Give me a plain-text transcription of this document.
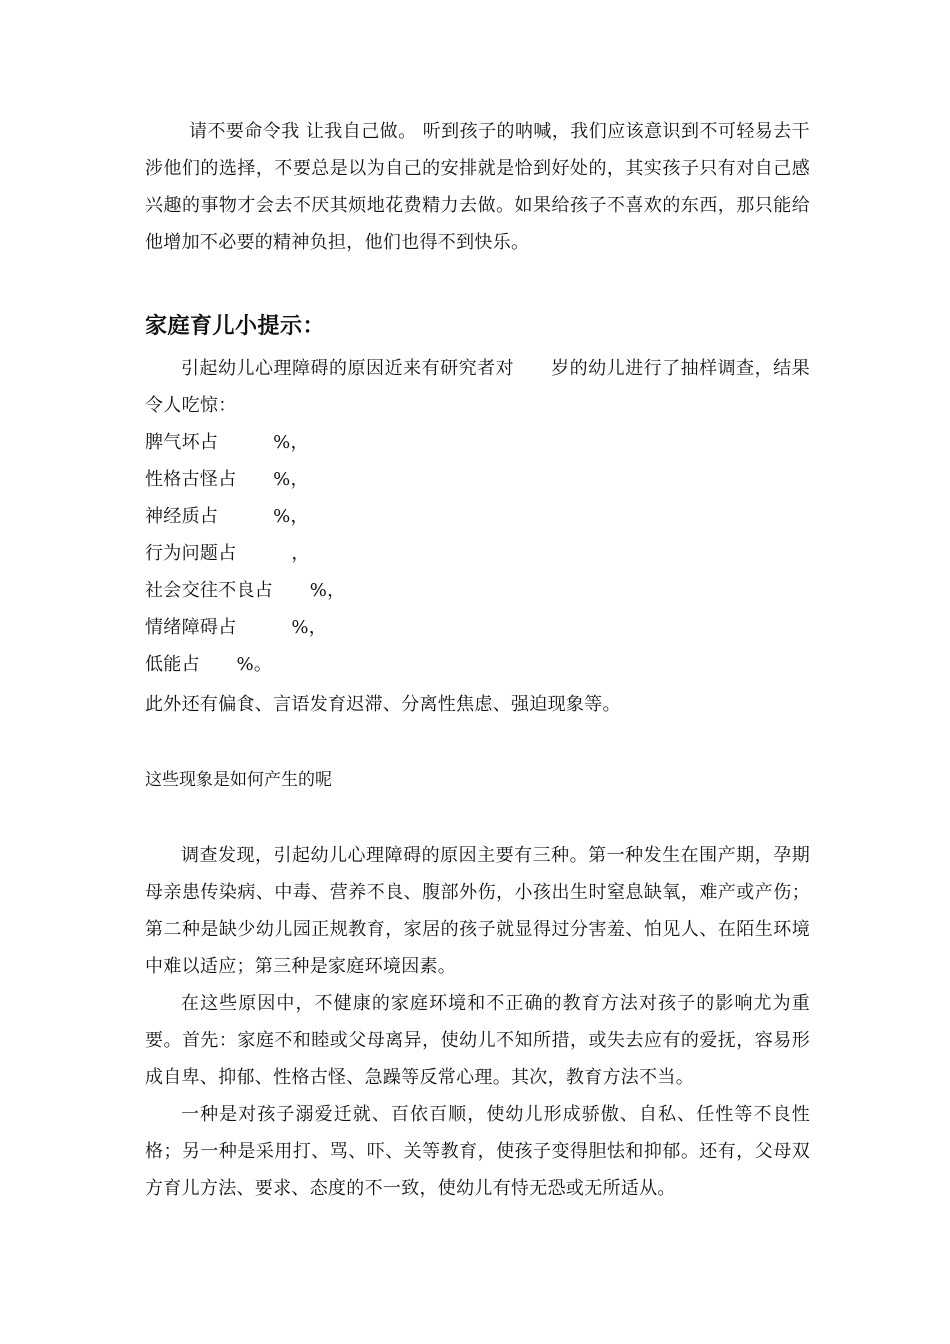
请不要命令我 让我自己做。 听到孩子的呐喊，我们应该意识到不可轻易去干涉他们的选择，不要总是以为自己的安排就是恰到好处的，其实孩子只有对自己感兴趣的事物才会去不厌其烦地花费精力去做。如果给孩子不喜欢的东西，那只能给他增加不必要的精神负担，他们也得不到快乐。

家庭育儿小提示：

引起幼儿心理障碍的原因近来有研究者对　　岁的幼儿进行了抽样调查，结果令人吃惊：

脾气坏占　　　%，

性格古怪占　　%，

神经质占　　　%，

行为问题占　　　，

社会交往不良占　　%，

情绪障碍占　　　%，

低能占　　%。

此外还有偏食、言语发育迟滞、分离性焦虑、强迫现象等。

这些现象是如何产生的呢

调查发现，引起幼儿心理障碍的原因主要有三种。第一种发生在围产期，孕期母亲患传染病、中毒、营养不良、腹部外伤，小孩出生时窒息缺氧，难产或产伤；第二种是缺少幼儿园正规教育，家居的孩子就显得过分害羞、怕见人、在陌生环境中难以适应；第三种是家庭环境因素。

在这些原因中，不健康的家庭环境和不正确的教育方法对孩子的影响尤为重要。首先：家庭不和睦或父母离异，使幼儿不知所措，或失去应有的爱抚，容易形成自卑、抑郁、性格古怪、急躁等反常心理。其次，教育方法不当。

一种是对孩子溺爱迁就、百依百顺，使幼儿形成骄傲、自私、任性等不良性格；另一种是采用打、骂、吓、关等教育，使孩子变得胆怯和抑郁。还有，父母双方育儿方法、要求、态度的不一致，使幼儿有恃无恐或无所适从。
